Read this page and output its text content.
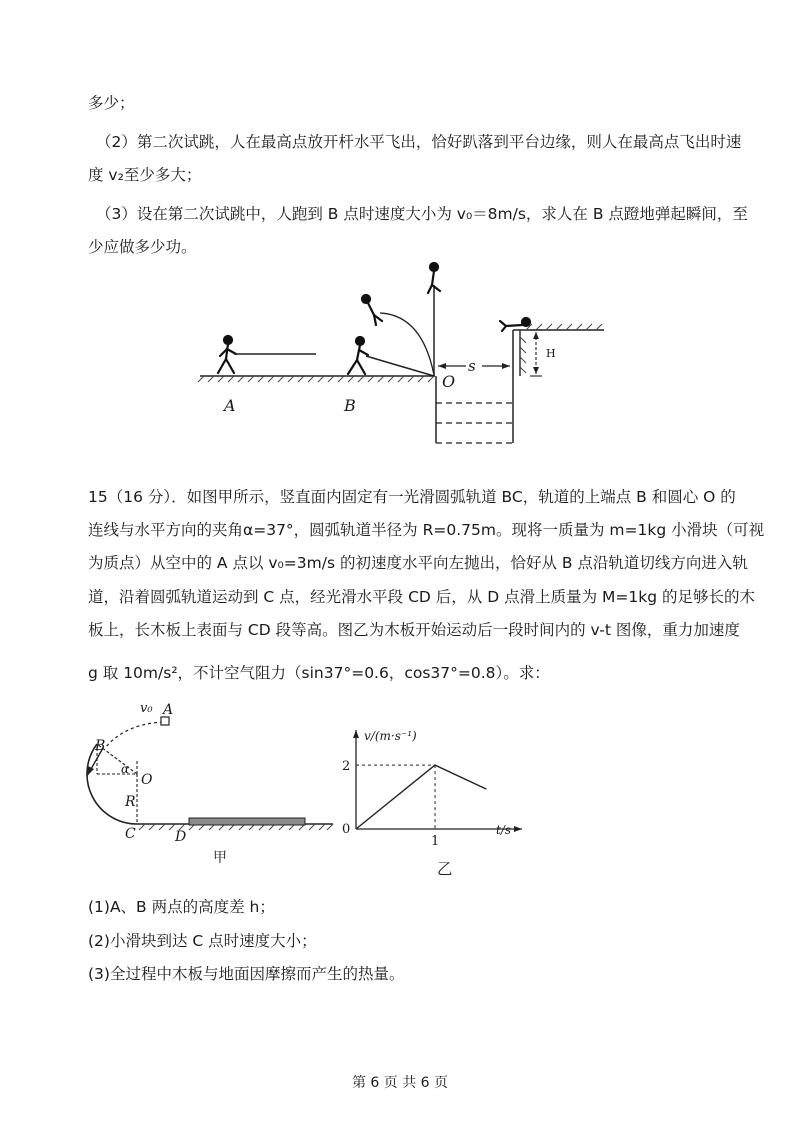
多少；
（2）第二次试跳，人在最高点放开杆水平飞出，恰好趴落到平台边缘，则人在最高点飞出时速
度 v₂至少多大；
（3）设在第二次试跳中，人跑到 B 点时速度大小为 v₀＝8m/s，求人在 B 点蹬地弹起瞬间，至
少应做多少功。
s
H
A	B
O
15（16 分）．如图甲所示，竖直面内固定有一光滑圆弧轨道 BC，轨道的上端点 B 和圆心 O 的
连线与水平方向的夹角α=37°，圆弧轨道半径为 R=0.75m。现将一质量为 m=1kg 小滑块（可视
为质点）从空中的 A 点以 v₀=3m/s 的初速度水平向左抛出，恰好从 B 点沿轨道切线方向进入轨
道，沿着圆弧轨道运动到 C 点，经光滑水平段 CD 后，从 D 点滑上质量为 M=1kg 的足够长的木
板上，长木板上表面与 CD 段等高。图乙为木板开始运动后一段时间内的 v-t 图像，重力加速度
g 取 10m/s²，不计空气阻力（sin37°=0.6，cos37°=0.8）。求：
v₀ A
B
α
O
R
C	D
甲
v/(m·s⁻¹)
t/s
0
1
2
乙
(1)A、B 两点的高度差 h；
(2)小滑块到达 C 点时速度大小；
(3)全过程中木板与地面因摩擦而产生的热量。
第 6 页 共 6 页
